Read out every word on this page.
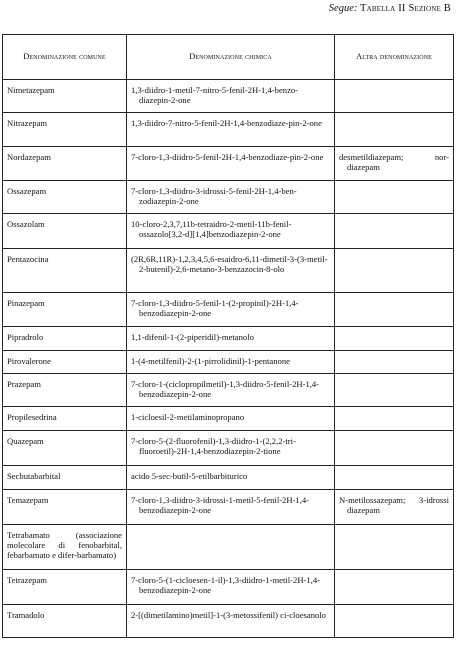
Segue: Tabella II Sezione B
Denominazione comune	Denominazione chimica	Altra denominazione
Nimetazepam	1,3-diidro-1-metil-7-nitro-5-fenil-2H-1,4-benzo-diazepin-2-one	

Nitrazepam	1,3-diidro-7-nitro-5-fenil-2H-1,4-benzodiaze-pin-2-one	

Nordazepam	7-cloro-1,3-diidro-5-fenil-2H-1,4-benzodiaze-pin-2-one	desmetildiazepam; nor-diazepam

Ossazepam	7-cloro-1,3-diidro-3-idrossi-5-fenil-2H-1,4-ben-zodiazepin-2-one	

Ossazolam	10-cloro-2,3,7,11b-tetraidro-2-metil-11b-fenil-ossazolo[3,2-d][1,4]benzodiazepin-2-one	

Pentazocina	(2R,6R,11R)-1,2,3,4,5,6-esaidro-6,11-dimetil-3-(3-metil-2-butenil)-2,6-metano-3-benzazocin-8-olo	

Pinazepam	7-cloro-1,3-diidro-5-fenil-1-(2-propinil)-2H-1,4-benzodiazepin-2-one	

Pipradrolo	1,1-difenil-1-(2-piperidil)-metanolo	

Pirovalerone	1-(4-metilfenil)-2-(1-pirrolidinil)-1-pentanone	

Prazepam	7-cloro-1-(ciclopropilmetil)-1,3-diidro-5-fenil-2H-1,4-benzodiazepin-2-one	

Propilesedrina	1-cicloesil-2-metilaminopropano	

Quazepam	7-cloro-5-(2-fluorofenil)-1,3-diidro-1-(2,2,2-tri-fluoroetil)-2H-1,4-benzodiazepin-2-tione	

Secbutabarbital	acido 5-sec-butil-5-etilbarbiturico	

Temazepam	7-cloro-1,3-diidro-3-idrossi-1-metil-5-fenil-2H-1,4-benzodiazepin-2-one	N-metilossazepam; 3-idrossi diazepam

Tetrabamato (associazione molecolare di fenobarbital, febarbamato e difer-barbamato)		

Tetrazepam	7-cloro-5-(1-cicloesen-1-il)-1,3-diidro-1-metil-2H-1,4-benzodiazepin-2-one	

Tramadolo	2-[(dimetilamino)metil]-1-(3-metossifenil) ci-cloesanolo	
